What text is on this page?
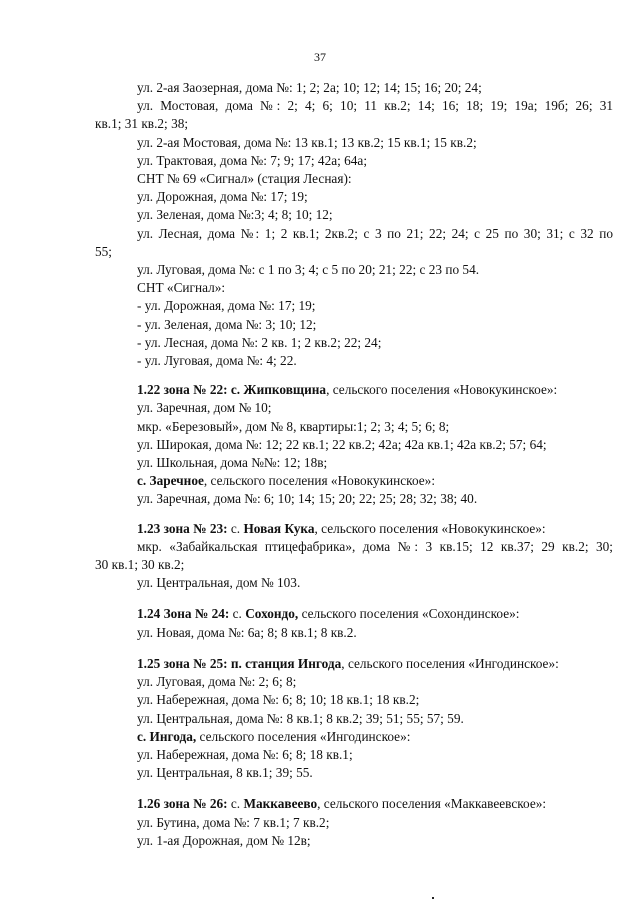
37
ул. 2-ая Заозерная, дома №: 1; 2; 2а; 10; 12; 14; 15; 16; 20; 24;
ул. Мостовая, дома №: 2; 4; 6; 10; 11 кв.2; 14; 16; 18; 19; 19а; 19б; 26; 31
кв.1; 31 кв.2; 38;
ул. 2-ая Мостовая, дома №: 13 кв.1; 13 кв.2; 15 кв.1; 15 кв.2;
ул. Трактовая, дома №: 7; 9; 17; 42а; 64а;
СНТ № 69 «Сигнал» (стация Лесная):
ул. Дорожная, дома №: 17; 19;
ул. Зеленая, дома №:3; 4; 8; 10; 12;
ул. Лесная, дома №: 1; 2 кв.1; 2кв.2; с 3 по 21; 22; 24; с 25 по 30; 31; с 32 по
55;
ул. Луговая, дома №: с 1 по 3; 4; с 5 по 20; 21; 22; с 23 по 54.
СНТ «Сигнал»:
- ул. Дорожная, дома №: 17; 19;
- ул. Зеленая, дома №: 3; 10; 12;
- ул. Лесная, дома №: 2 кв. 1; 2 кв.2; 22; 24;
- ул. Луговая, дома №: 4; 22.
1.22 зона № 22: с. Жипковщина, сельского поселения «Новокукинское»:
ул. Заречная, дом № 10;
мкр. «Березовый», дом № 8, квартиры:1; 2; 3; 4; 5; 6; 8;
ул. Широкая, дома №: 12; 22 кв.1; 22 кв.2; 42а; 42а кв.1; 42а кв.2; 57; 64;
ул. Школьная, дома №№: 12; 18в;
с. Заречное, сельского поселения «Новокукинское»:
ул. Заречная, дома №: 6; 10; 14; 15; 20; 22; 25; 28; 32; 38; 40.
1.23 зона № 23: с. Новая Кука, сельского поселения «Новокукинское»:
мкр. «Забайкальская птицефабрика», дома №: 3 кв.15; 12 кв.37; 29 кв.2; 30;
30 кв.1; 30 кв.2;
ул. Центральная, дом № 103.
1.24 Зона № 24: с. Сохондо, сельского поселения «Сохондинское»:
ул. Новая, дома №: 6а; 8; 8 кв.1; 8 кв.2.
1.25 зона № 25: п. станция Ингода, сельского поселения «Ингодинское»:
ул. Луговая, дома №: 2; 6; 8;
ул. Набережная, дома №: 6; 8; 10; 18 кв.1; 18 кв.2;
ул. Центральная, дома №: 8 кв.1; 8 кв.2; 39; 51; 55; 57; 59.
с. Ингода, сельского поселения «Ингодинское»:
ул. Набережная, дома №: 6; 8; 18 кв.1;
ул. Центральная, 8 кв.1; 39; 55.
1.26 зона № 26: с. Маккавеево, сельского поселения «Маккавеевское»:
ул. Бутина, дома №: 7 кв.1; 7 кв.2;
ул. 1-ая Дорожная, дом № 12в;
